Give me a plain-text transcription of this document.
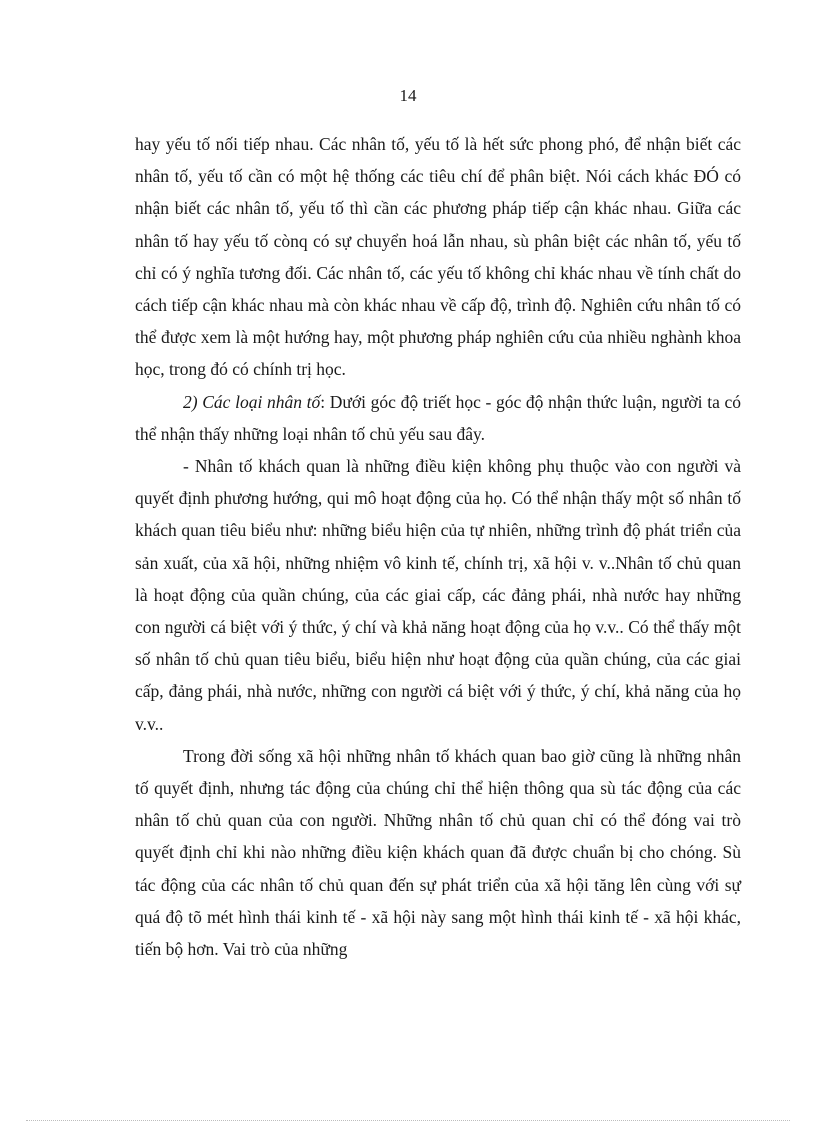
14

hay yếu tố nối tiếp nhau. Các nhân tố, yếu tố là hết sức phong phó, để nhận biết các nhân tố, yếu tố cần có một hệ thống các tiêu chí để phân biệt. Nói cách khác ĐÓ có nhận biết các nhân tố, yếu tố thì cần các phương pháp tiếp cận khác nhau. Giữa các nhân tố hay yếu tố cònq có sự chuyển hoá lẫn nhau, sù phân biệt các nhân tố, yếu tố chỉ có ý nghĩa tương đối. Các nhân tố, các yếu tố không chỉ khác nhau về tính chất do cách tiếp cận khác nhau mà còn khác nhau về cấp độ, trình độ. Nghiên cứu nhân tố có thể được xem là một hướng hay, một phương pháp nghiên cứu của nhiều nghành khoa học, trong đó có chính trị học.

2) Các loại nhân tố: Dưới góc độ triết học - góc độ nhận thức luận, người ta có thể nhận thấy những loại nhân tố chủ yếu sau đây.

- Nhân tố khách quan là những điều kiện không phụ thuộc vào con người và quyết định phương hướng, qui mô hoạt động của họ. Có thể nhận thấy một số nhân tố khách quan tiêu biểu như: những biểu hiện của tự nhiên, những trình độ phát triển của sản xuất, của xã hội, những nhiệm vô kinh tế, chính trị, xã hội v. v..Nhân tố chủ quan là hoạt động của quần chúng, của các giai cấp, các đảng phái, nhà nước hay những con người cá biệt với ý thức, ý chí và khả năng hoạt động của họ v.v.. Có thể thấy một số nhân tố chủ quan tiêu biểu, biểu hiện như hoạt động của quần chúng, của các giai cấp, đảng phái, nhà nước, những con người cá biệt với ý thức, ý chí, khả năng của họ v.v..

Trong đời sống xã hội những nhân tố khách quan bao giờ cũng là những nhân tố quyết định, nhưng tác động của chúng chỉ thể hiện thông qua sù tác động của các nhân tố chủ quan của con người. Những nhân tố chủ quan chỉ có thể đóng vai trò quyết định chỉ khi nào những điều kiện khách quan đã được chuẩn bị cho chóng. Sù tác động của các nhân tố chủ quan đến sự phát triển của xã hội tăng lên cùng với sự quá độ tõ mét hình thái kinh tế - xã hội này sang một hình thái kinh tế - xã hội khác, tiến bộ hơn. Vai trò của những
